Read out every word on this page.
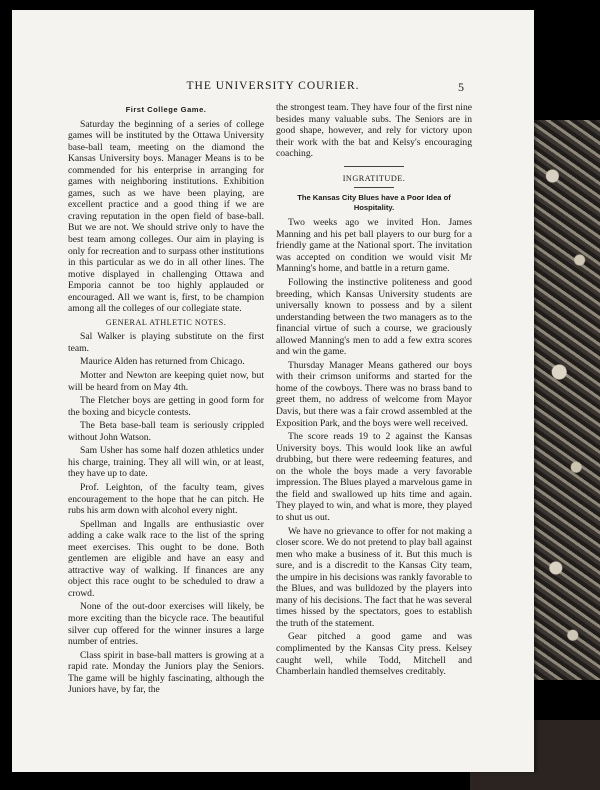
THE UNIVERSITY COURIER.	5
First College Game.

Saturday the beginning of a series of college games will be instituted by the Ottawa University base-ball team, meeting on the diamond the Kansas University boys. Manager Means is to be commended for his enterprise in arranging for games with neighboring institutions. Exhibition games, such as we have been playing, are excellent practice and a good thing if we are craving reputation in the open field of base-ball. But we are not. We should strive only to have the best team among colleges. Our aim in playing is only for recreation and to surpass other institutions in this particular as we do in all other lines. The motive displayed in challenging Ottawa and Emporia cannot be too highly applauded or encouraged. All we want is, first, to be champion among all the colleges of our collegiate state.

GENERAL ATHLETIC NOTES.

Sal Walker is playing substitute on the first team.

Maurice Alden has returned from Chicago.

Motter and Newton are keeping quiet now, but will be heard from on May 4th.

The Fletcher boys are getting in good form for the boxing and bicycle contests.

The Beta base-ball team is seriously crippled without John Watson.

Sam Usher has some half dozen athletics under his charge, training. They all will win, or at least, they have up to date.

Prof. Leighton, of the faculty team, gives encouragement to the hope that he can pitch. He rubs his arm down with alcohol every night.

Spellman and Ingalls are enthusiastic over adding a cake walk race to the list of the spring meet exercises. This ought to be done. Both gentlemen are eligible and have an easy and attractive way of walking. If finances are any object this race ought to be scheduled to draw a crowd.

None of the out-door exercises will likely, be more exciting than the bicycle race. The beautiful silver cup offered for the winner insures a large number of entries.

Class spirit in base-ball matters is growing at a rapid rate. Monday the Juniors play the Seniors. The game will be highly fascinating, although the Juniors have, by far, the

the strongest team. They have four of the first nine besides many valuable subs. The Seniors are in good shape, however, and rely for victory upon their work with the bat and Kelsy's encouraging coaching.

INGRATITUDE.
The Kansas City Blues have a Poor Idea of Hospitality.

Two weeks ago we invited Hon. James Manning and his pet ball players to our burg for a friendly game at the National sport. The invitation was accepted on condition we would visit Mr Manning's home, and battle in a return game.

Following the instinctive politeness and good breeding, which Kansas University students are universally known to possess and by a silent understanding between the two managers as to the financial virtue of such a course, we graciously allowed Manning's men to add a few extra scores and win the game.

Thursday Manager Means gathered our boys with their crimson uniforms and started for the home of the cowboys. There was no brass band to greet them, no address of welcome from Mayor Davis, but there was a fair crowd assembled at the Exposition Park, and the boys were well received.

The score reads 19 to 2 against the Kansas University boys. This would look like an awful drubbing, but there were redeeming features, and on the whole the boys made a very favorable impression. The Blues played a marvelous game in the field and swallowed up hits time and again. They played to win, and what is more, they played to shut us out.

We have no grievance to offer for not making a closer score. We do not pretend to play ball against men who make a business of it. But this much is sure, and is a discredit to the Kansas City team, the umpire in his decisions was rankly favorable to the Blues, and was bulldozed by the players into many of his decisions. The fact that he was several times hissed by the spectators, goes to establish the truth of the statement.

Gear pitched a good game and was complimented by the Kansas City press. Kelsey caught well, while Todd, Mitchell and Chamberlain handled themselves creditably.
